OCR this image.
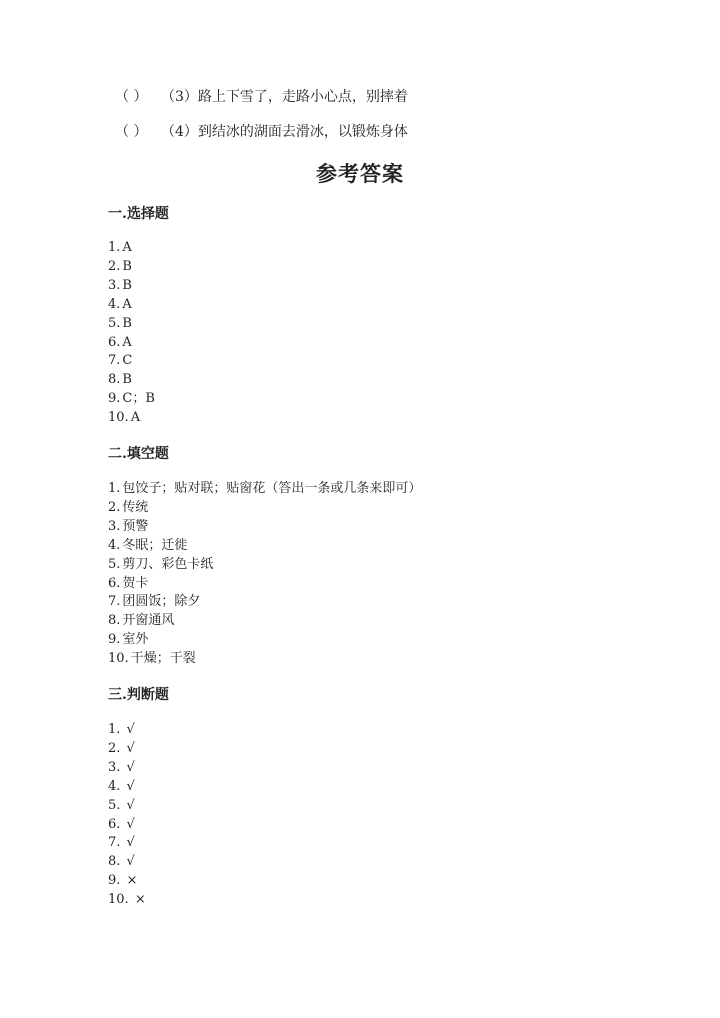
（ ） （3）路上下雪了，走路小心点，别摔着
（ ） （4）到结冰的湖面去滑冰，以锻炼身体
参考答案
一.选择题
1. A
2. B
3. B
4. A
5. B
6. A
7. C
8. B
9. C；B
10. A
二.填空题
1. 包饺子；贴对联；贴窗花（答出一条或几条来即可）
2. 传统
3. 预警
4. 冬眠；迁徙
5. 剪刀、彩色卡纸
6. 贺卡
7. 团圆饭；除夕
8. 开窗通风
9. 室外
10. 干燥；干裂
三.判断题
1. √
2. √
3. √
4. √
5. √
6. √
7. √
8. √
9. ×
10. ×
